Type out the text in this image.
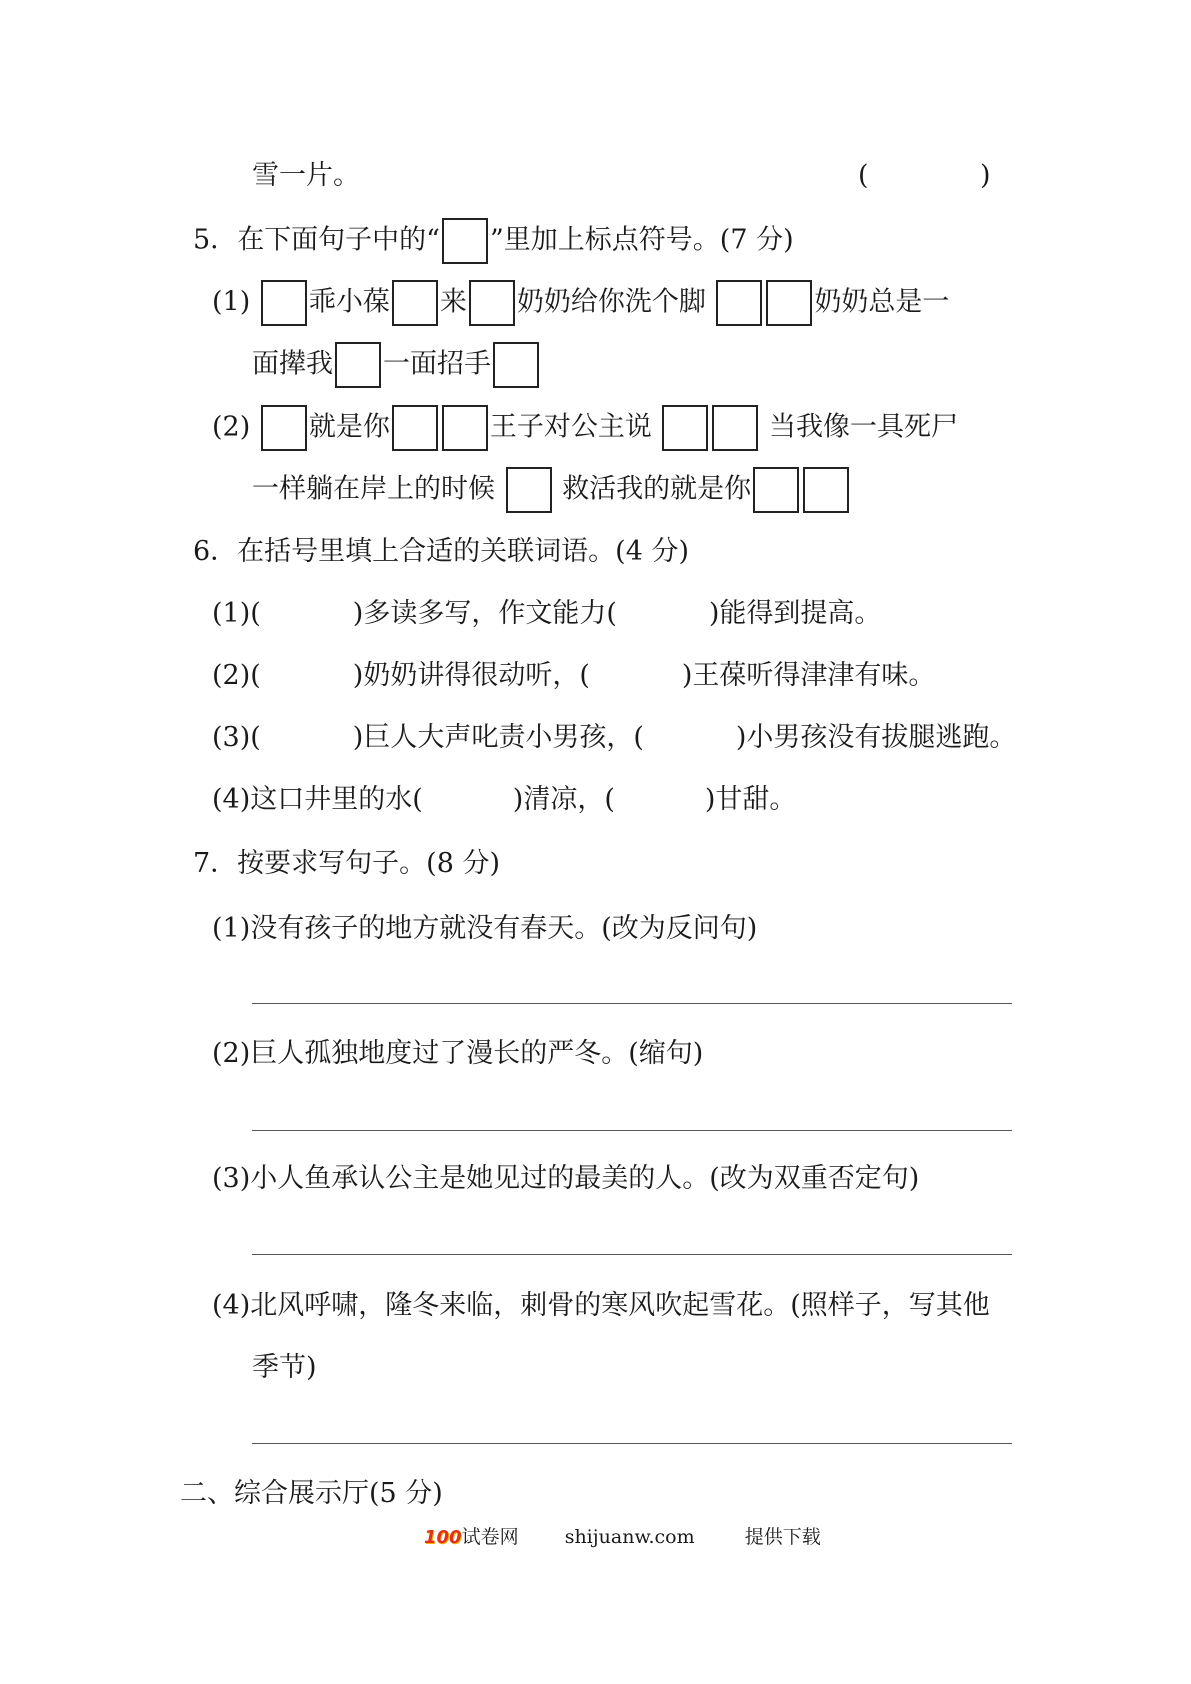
雪一片。	(	)
5．在下面句子中的“ ”里加上标点符号。(7 分)
(1) 乖小葆 来 奶奶给你洗个脚	奶奶总是一
面撵我 一面招手
(2) 就是你	王子对公主说	当我像一具死尸
一样躺在岸上的时候 救活我的就是你
6．在括号里填上合适的关联词语。(4 分)
(1)(	)多读多写，作文能力(	)能得到提高。
(2)(	)奶奶讲得很动听，(	)王葆听得津津有味。
(3)(	)巨人大声叱责小男孩，(	)小男孩没有拔腿逃跑。
(4)这口井里的水(	)清凉，(	)甘甜。
7．按要求写句子。(8 分)
(1)没有孩子的地方就没有春天。(改为反问句)
(2)巨人孤独地度过了漫长的严冬。(缩句)
(3)小人鱼承认公主是她见过的最美的人。(改为双重否定句)
(4)北风呼啸，隆冬来临，刺骨的寒风吹起雪花。(照样子，写其他
季节)
二、综合展示厅(5 分)
100试卷网 shijuanw.com	提供下载
